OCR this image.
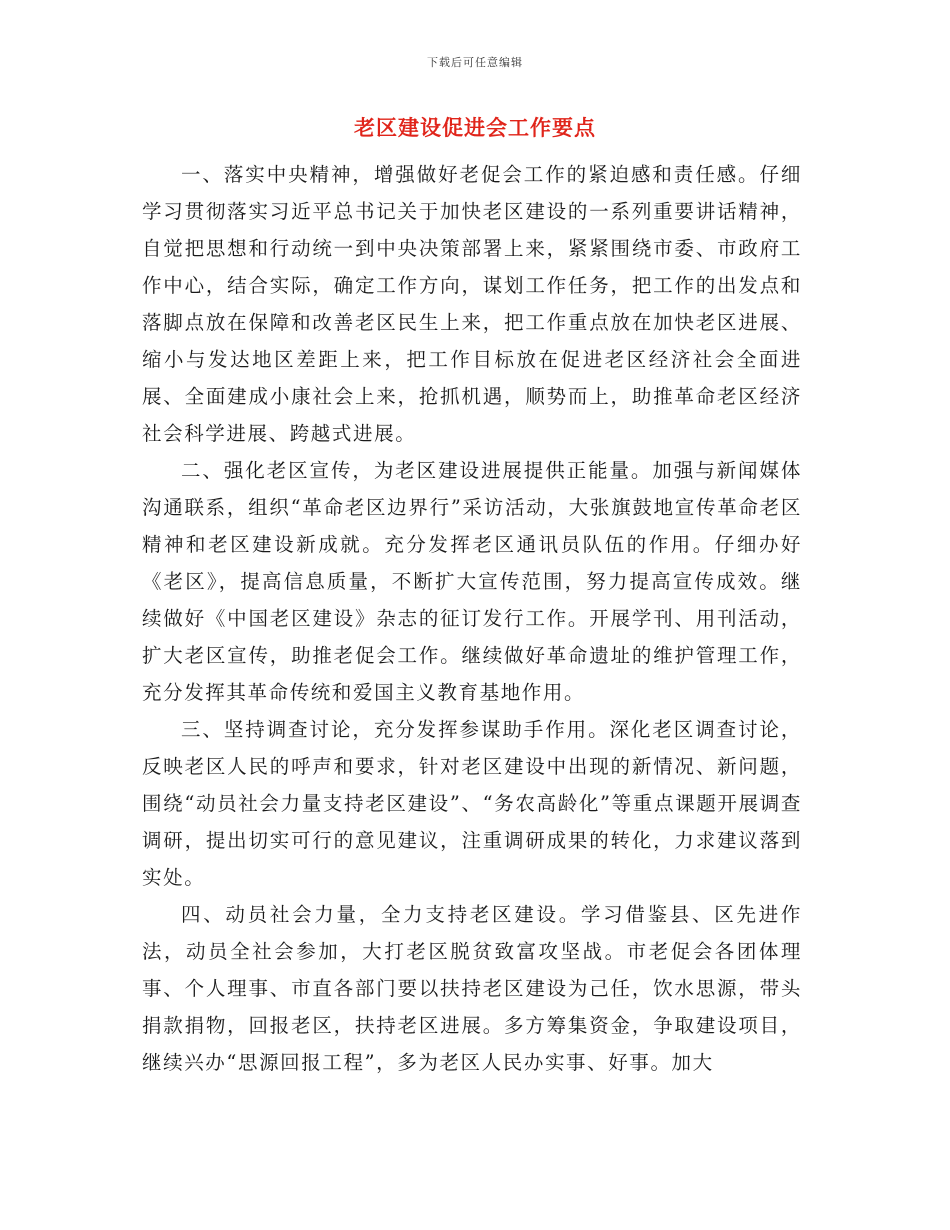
下载后可任意编辑
老区建设促进会工作要点

一、落实中央精神，增强做好老促会工作的紧迫感和责任感。仔细学习贯彻落实习近平总书记关于加快老区建设的一系列重要讲话精神，自觉把思想和行动统一到中央决策部署上来，紧紧围绕市委、市政府工作中心，结合实际，确定工作方向，谋划工作任务，把工作的出发点和落脚点放在保障和改善老区民生上来，把工作重点放在加快老区进展、缩小与发达地区差距上来，把工作目标放在促进老区经济社会全面进展、全面建成小康社会上来，抢抓机遇，顺势而上，助推革命老区经济社会科学进展、跨越式进展。

二、强化老区宣传，为老区建设进展提供正能量。加强与新闻媒体沟通联系，组织“革命老区边界行”采访活动，大张旗鼓地宣传革命老区精神和老区建设新成就。充分发挥老区通讯员队伍的作用。仔细办好《老区》，提高信息质量，不断扩大宣传范围，努力提高宣传成效。继续做好《中国老区建设》杂志的征订发行工作。开展学刊、用刊活动，扩大老区宣传，助推老促会工作。继续做好革命遗址的维护管理工作，充分发挥其革命传统和爱国主义教育基地作用。

三、坚持调查讨论，充分发挥参谋助手作用。深化老区调查讨论，反映老区人民的呼声和要求，针对老区建设中出现的新情况、新问题，围绕“动员社会力量支持老区建设”、“务农高龄化”等重点课题开展调查调研，提出切实可行的意见建议，注重调研成果的转化，力求建议落到实处。

四、动员社会力量，全力支持老区建设。学习借鉴县、区先进作法，动员全社会参加，大打老区脱贫致富攻坚战。市老促会各团体理事、个人理事、市直各部门要以扶持老区建设为己任，饮水思源，带头捐款捐物，回报老区，扶持老区进展。多方筹集资金，争取建设项目，继续兴办“思源回报工程”，多为老区人民办实事、好事。加大
